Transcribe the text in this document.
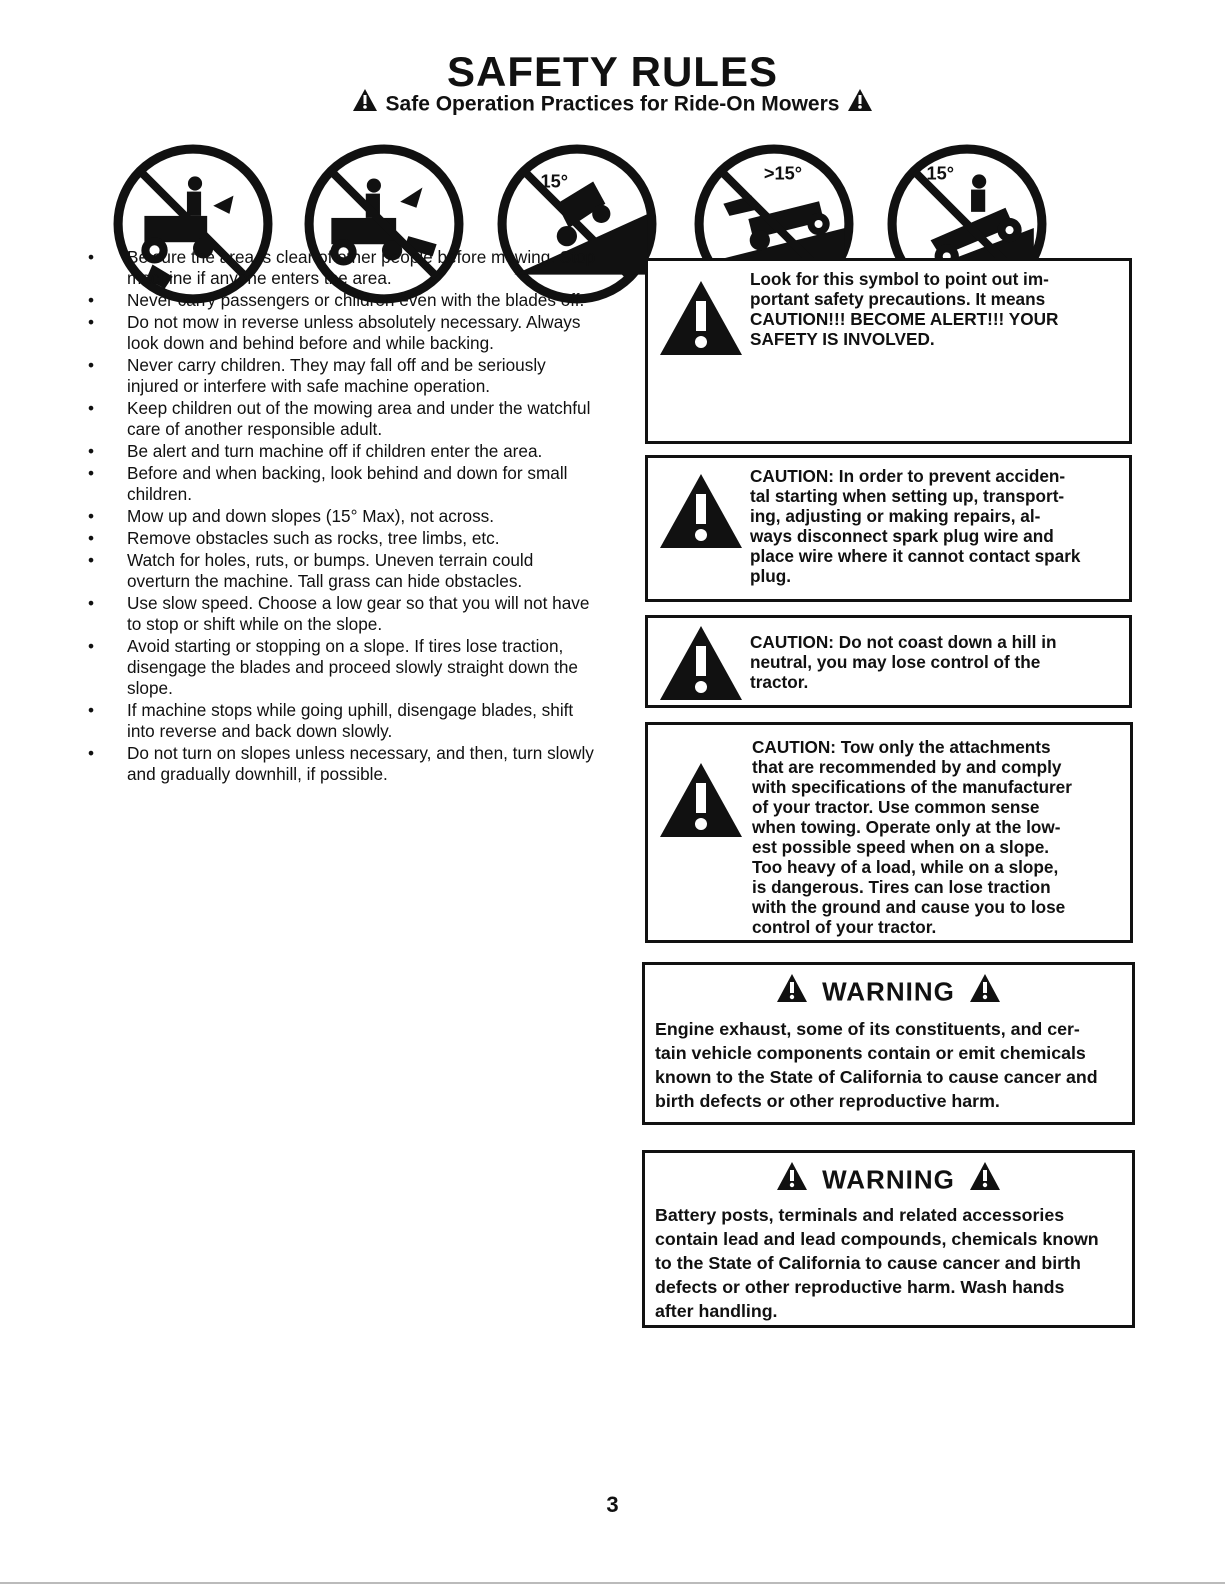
SAFETY RULES
Safe Operation Practices for Ride-On Mowers
15°	>15°	15°
• Be sure the area is clear of other people before mowing. Stop machine if anyone enters the area.
• Never carry passengers or children even with the blades off.
• Do not mow in reverse unless absolutely necessary. Always look down and behind before and while backing.
• Never carry children. They may fall off and be seriously injured or interfere with safe machine operation.
• Keep children out of the mowing area and under the watchful care of another responsible adult.
• Be alert and turn machine off if children enter the area.
• Before and when backing, look behind and down for small children.
• Mow up and down slopes (15° Max), not across.
• Remove obstacles such as rocks, tree limbs, etc.
• Watch for holes, ruts, or bumps. Uneven terrain could overturn the machine. Tall grass can hide obstacles.
• Use slow speed. Choose a low gear so that you will not have to stop or shift while on the slope.
• Avoid starting or stopping on a slope. If tires lose traction, disengage the blades and proceed slowly straight down the slope.
• If machine stops while going uphill, disengage blades, shift into reverse and back down slowly.
• Do not turn on slopes unless necessary, and then, turn slowly and gradually downhill, if possible.
Look for this symbol to point out im-
portant safety precautions. It means
CAUTION!!! BECOME ALERT!!! YOUR
SAFETY IS INVOLVED.
CAUTION: In order to prevent acciden-
tal starting when setting up, transport-
ing, adjusting or making repairs, al-
ways disconnect spark plug wire and
place wire where it cannot contact spark
plug.
CAUTION: Do not coast down a hill in
neutral, you may lose control of the
tractor.
CAUTION: Tow only the attachments
that are recommended by and comply
with specifications of the manufacturer
of your tractor. Use common sense
when towing. Operate only at the low-
est possible speed when on a slope.
Too heavy of a load, while on a slope,
is dangerous. Tires can lose traction
with the ground and cause you to lose
control of your tractor.
WARNING
Engine exhaust, some of its constituents, and cer-
tain vehicle components contain or emit chemicals
known to the State of California to cause cancer and
birth defects or other reproductive harm.
WARNING
Battery posts, terminals and related accessories
contain lead and lead compounds, chemicals known
to the State of California to cause cancer and birth
defects or other reproductive harm. Wash hands
after handling.
3
